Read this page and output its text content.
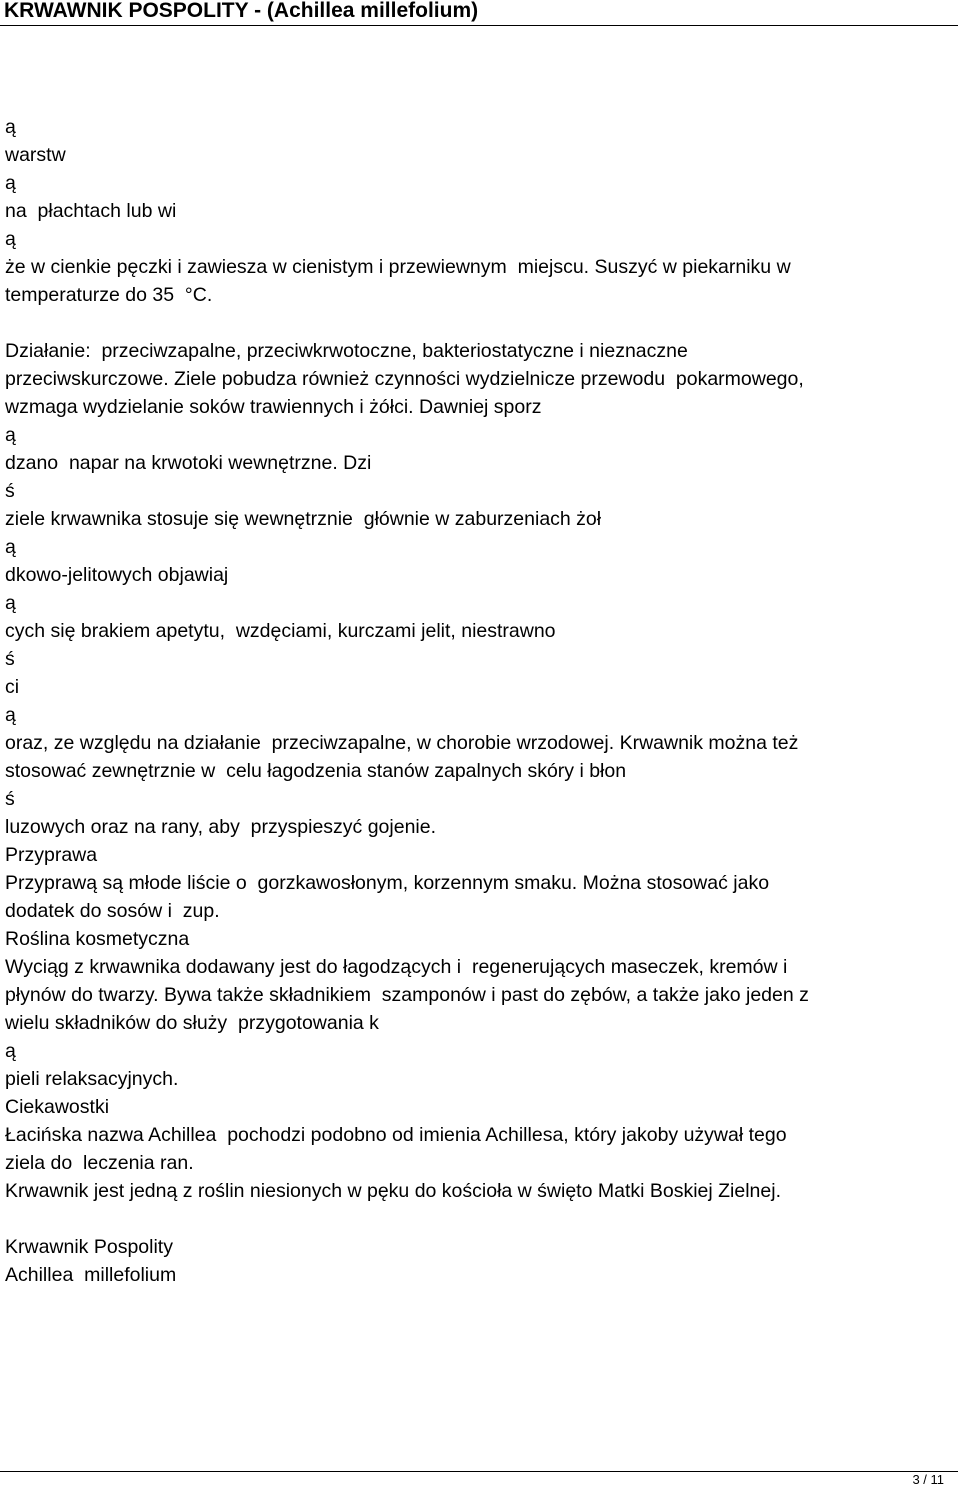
KRWAWNIK POSPOLITY - (Achillea millefolium)
ą
warstw
ą
na  płachtach lub wi
ą
że w cienkie pęczki i zawiesza w cienistym i przewiewnym  miejscu. Suszyć w piekarniku w
temperaturze do 35  °C.
Działanie:  przeciwzapalne, przeciwkrwotoczne, bakteriostatyczne i nieznaczne
przeciwskurczowe. Ziele pobudza również czynności wydzielnicze przewodu  pokarmowego,
wzmaga wydzielanie soków trawiennych i żółci. Dawniej sporz
ą
dzano  napar na krwotoki wewnętrzne. Dzi
ś
ziele krwawnika stosuje się wewnętrznie  głównie w zaburzeniach żoł
ą
dkowo-jelitowych objawiaj
ą
cych się brakiem apetytu,  wzdęciami, kurczami jelit, niestrawno
ś
ci
ą
oraz, ze względu na działanie  przeciwzapalne, w chorobie wrzodowej. Krwawnik można też
stosować zewnętrznie w  celu łagodzenia stanów zapalnych skóry i błon
ś
luzowych oraz na rany, aby  przyspieszyć gojenie.
Przyprawa
Przyprawą są młode liście o  gorzkawosłonym, korzennym smaku. Można stosować jako
dodatek do sosów i  zup.
Roślina kosmetyczna
Wyciąg z krwawnika dodawany jest do łagodzących i  regenerujących maseczek, kremów i
płynów do twarzy. Bywa także składnikiem  szamponów i past do zębów, a także jako jeden z
wielu składników do służy  przygotowania k
ą
pieli relaksacyjnych.
Ciekawostki
Łacińska nazwa Achillea  pochodzi podobno od imienia Achillesa, który jakoby używał tego
ziela do  leczenia ran.
Krwawnik jest jedną z roślin niesionych w pęku do kościoła w święto Matki Boskiej Zielnej.
Krwawnik Pospolity
Achillea  millefolium
3 / 11
